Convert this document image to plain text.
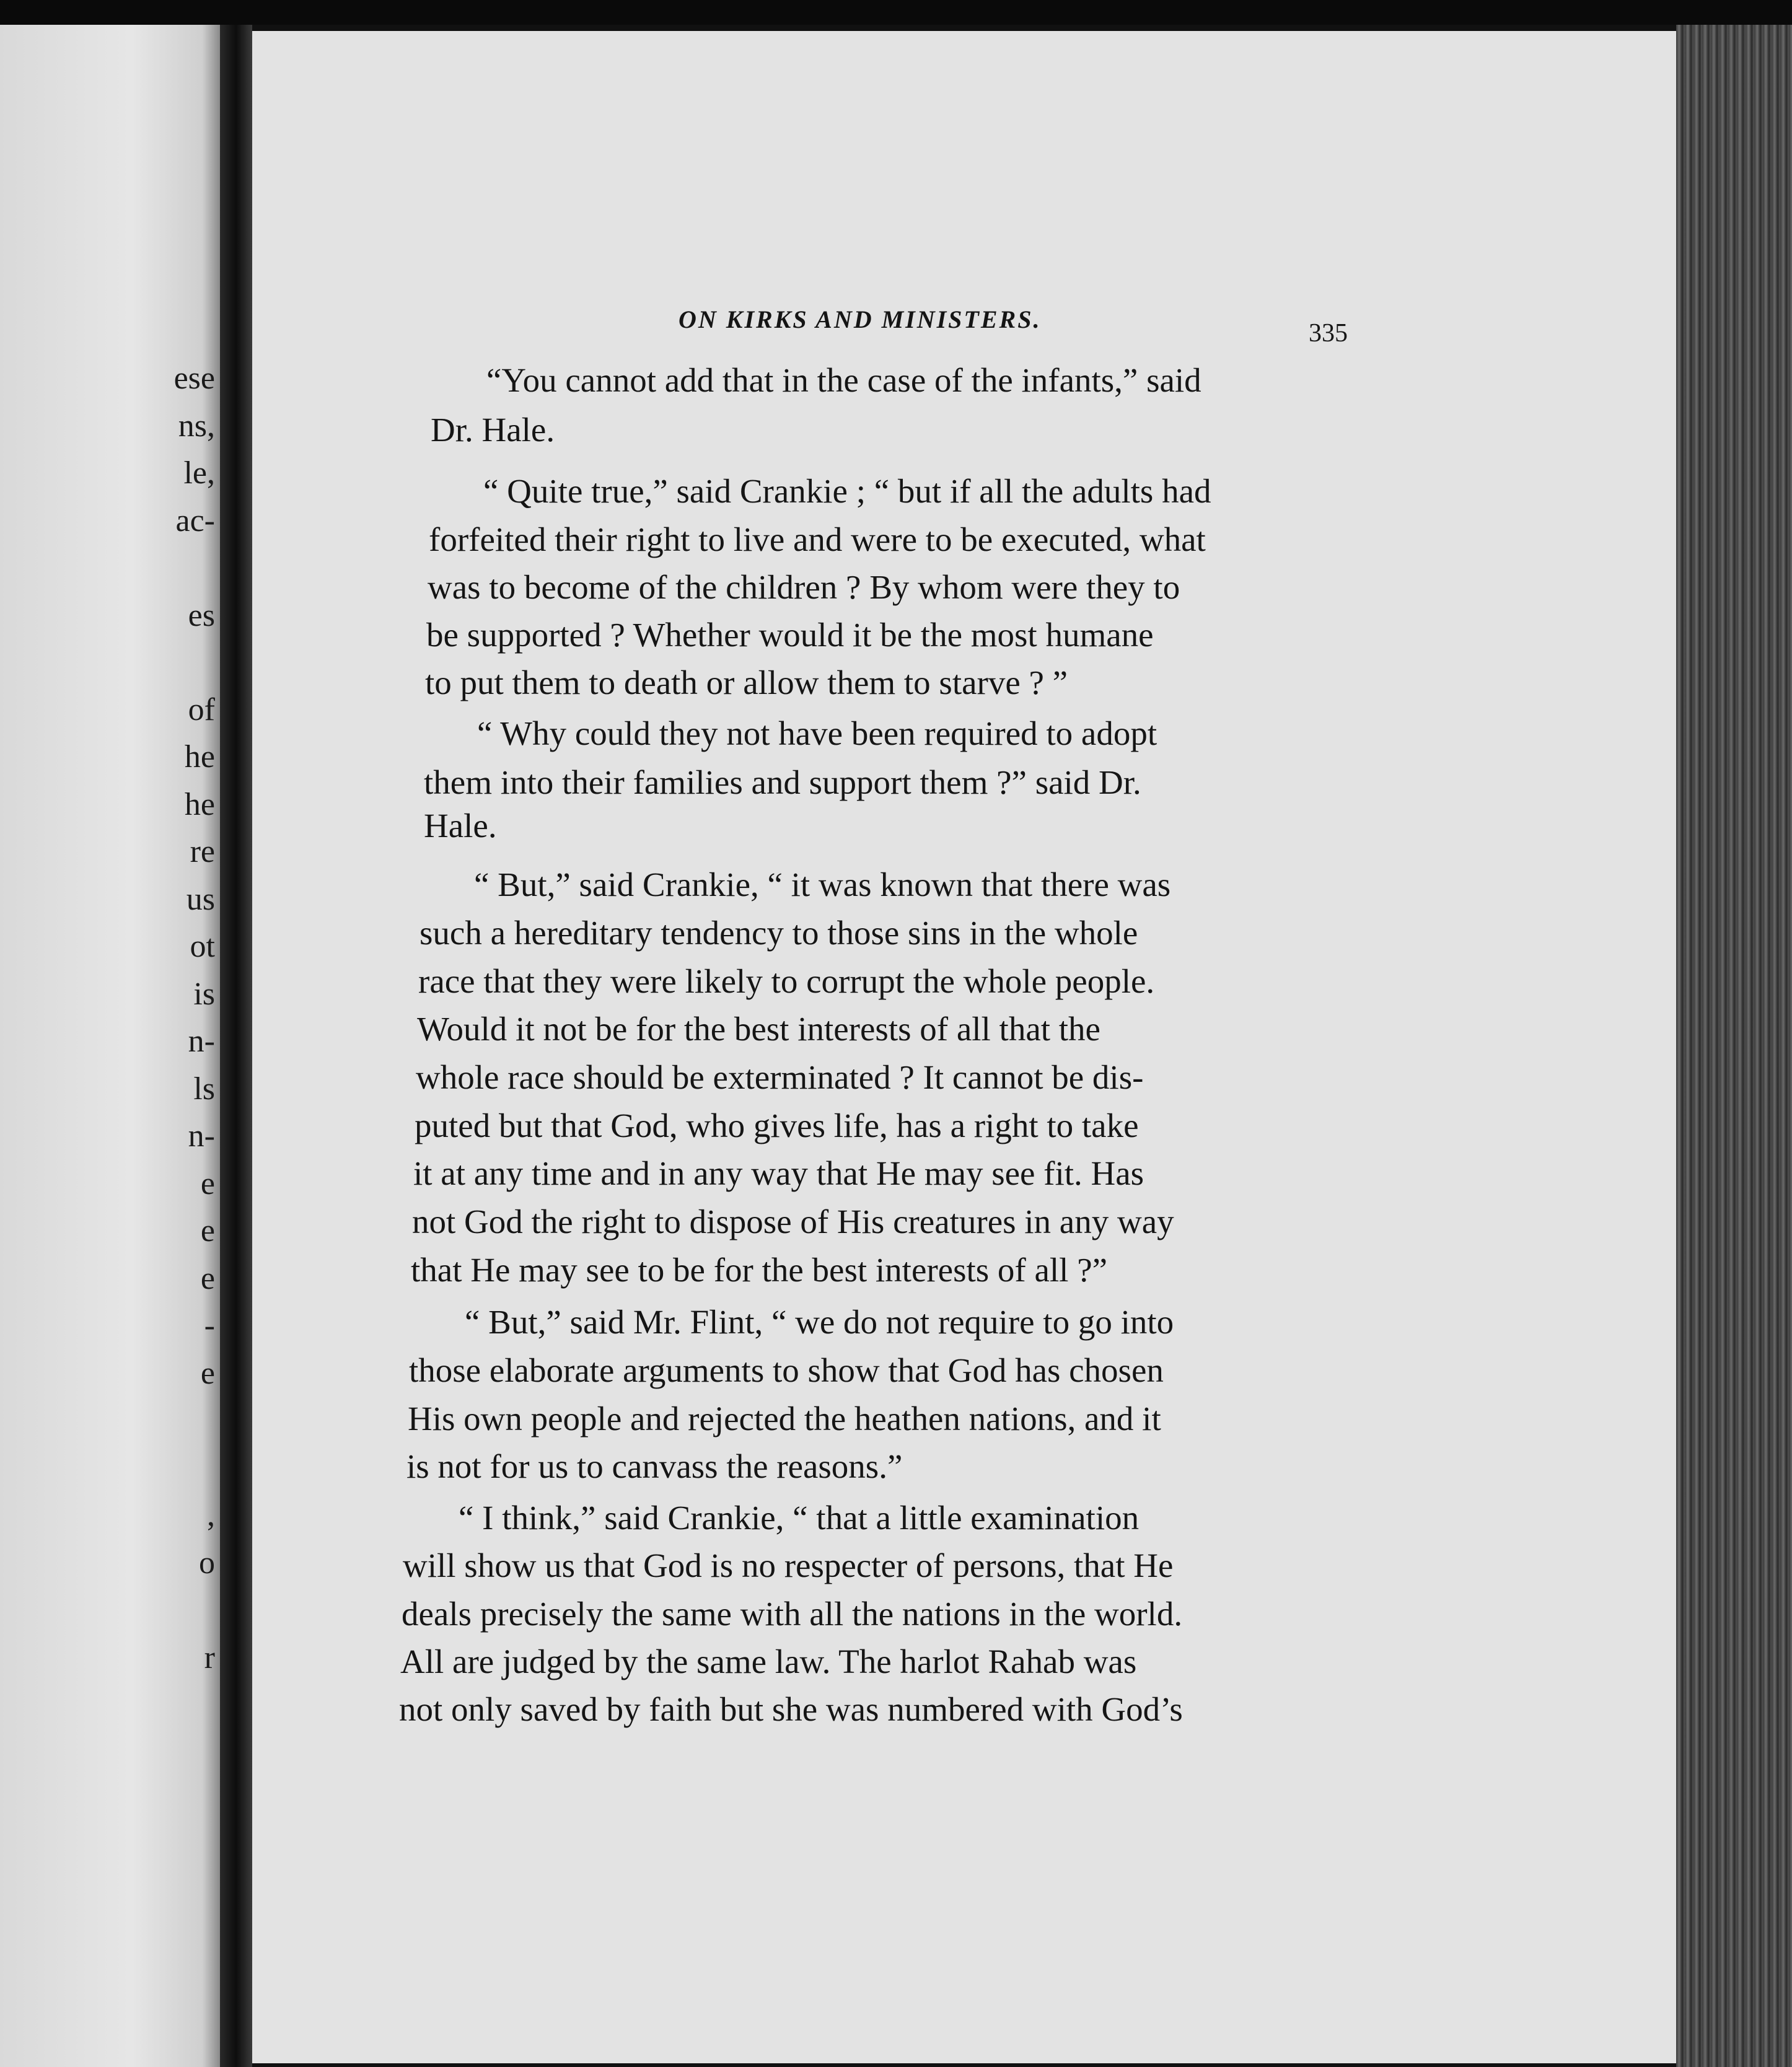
ese
ns,
le,
ac-
es
of
he
he
re
us
ot
is
n-
ls
n-
e
e
e
-
e
,
o
r
ON KIRKS AND MINISTERS.	335
“You cannot add that in the case of the infants,” said
Dr. Hale.
“ Quite true,” said Crankie ; “ but if all the adults had
forfeited their right to live and were to be executed, what
was to become of the children ? By whom were they to
be supported ? Whether would it be the most humane
to put them to death or allow them to starve ? ”
“ Why could they not have been required to adopt
them into their families and support them ?” said Dr.
Hale.
“ But,” said Crankie, “ it was known that there was
such a hereditary tendency to those sins in the whole
race that they were likely to corrupt the whole people.
Would it not be for the best interests of all that the
whole race should be exterminated ? It cannot be dis-
puted but that God, who gives life, has a right to take
it at any time and in any way that He may see fit. Has
not God the right to dispose of His creatures in any way
that He may see to be for the best interests of all ?”
“ But,” said Mr. Flint, “ we do not require to go into
those elaborate arguments to show that God has chosen
His own people and rejected the heathen nations, and it
is not for us to canvass the reasons.”
“ I think,” said Crankie, “ that a little examination
will show us that God is no respecter of persons, that He
deals precisely the same with all the nations in the world.
All are judged by the same law. The harlot Rahab was
not only saved by faith but she was numbered with God’s
